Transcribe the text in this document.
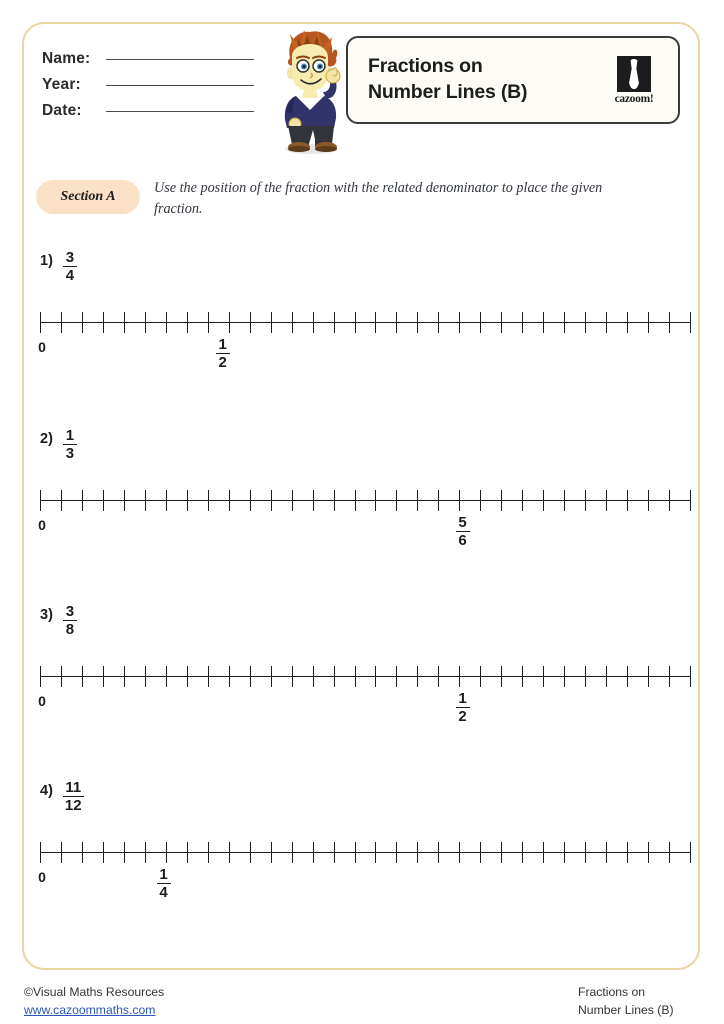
Name:
Year:
Date:
Fractions on
Number Lines (B)	cazoom!
Section A
Use the position of the fraction with the related denominator to place the given fraction.
$1) \frac{3}{4}$
0	$\frac{1}{2}$
$2) \frac{1}{3}$
0	$\frac{5}{6}$
$3) \frac{3}{8}$
0	$\frac{1}{2}$
$4) \frac{11}{12}$
0	$\frac{1}{4}$
©Visual Maths Resources
www.cazoommaths.com
Fractions on
Number Lines (B)
